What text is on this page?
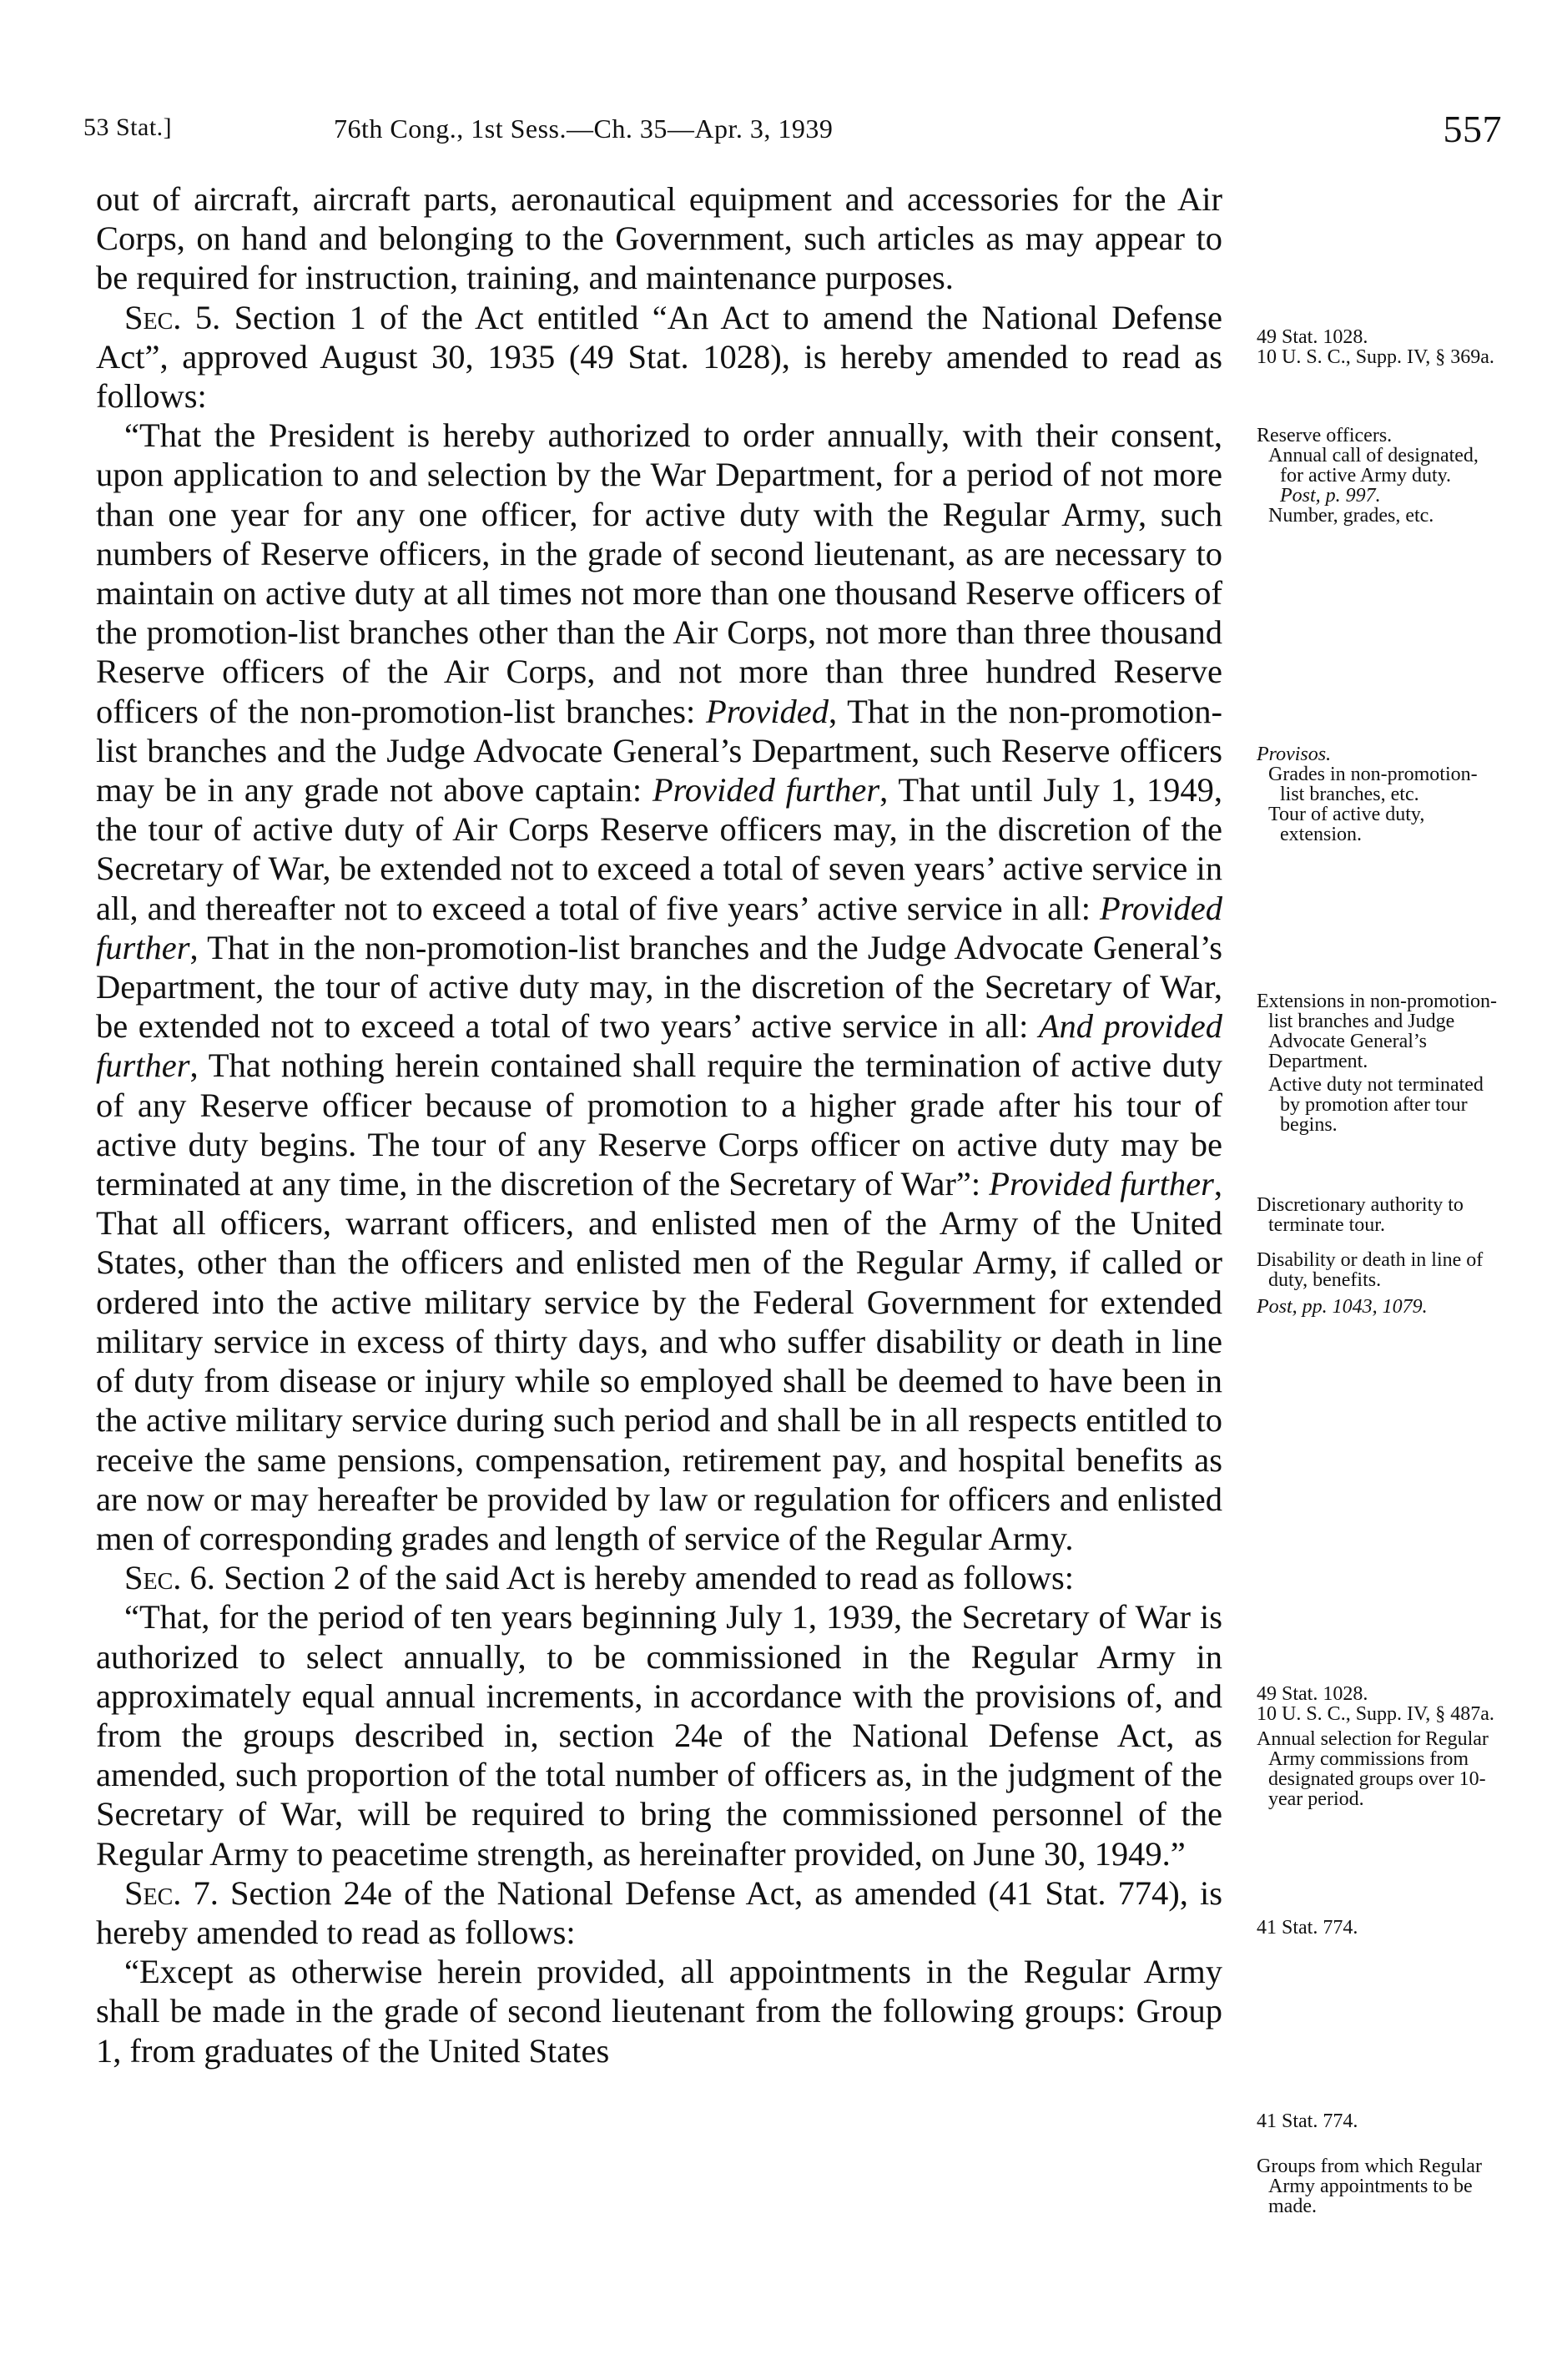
53 Stat.]	76th Cong., 1st Sess.—Ch. 35—Apr. 3, 1939	557

out of aircraft, aircraft parts, aeronautical equipment and accessories for the Air Corps, on hand and belonging to the Government, such articles as may appear to be required for instruction, training, and maintenance purposes.

Sec. 5. Section 1 of the Act entitled “An Act to amend the National Defense Act”, approved August 30, 1935 (49 Stat. 1028), is hereby amended to read as follows:

“That the President is hereby authorized to order annually, with their consent, upon application to and selection by the War Department, for a period of not more than one year for any one officer, for active duty with the Regular Army, such numbers of Reserve officers, in the grade of second lieutenant, as are necessary to maintain on active duty at all times not more than one thousand Reserve officers of the promotion-list branches other than the Air Corps, not more than three thousand Reserve officers of the Air Corps, and not more than three hundred Reserve officers of the non-promotion-list branches: Provided, That in the non-promotion-list branches and the Judge Advocate General’s Department, such Reserve officers may be in any grade not above captain: Provided further, That until July 1, 1949, the tour of active duty of Air Corps Reserve officers may, in the discretion of the Secretary of War, be extended not to exceed a total of seven years’ active service in all, and thereafter not to exceed a total of five years’ active service in all: Provided further, That in the non-promotion-list branches and the Judge Advocate General’s Department, the tour of active duty may, in the discretion of the Secretary of War, be extended not to exceed a total of two years’ active service in all: And provided further, That nothing herein contained shall require the termination of active duty of any Reserve officer because of promotion to a higher grade after his tour of active duty begins. The tour of any Reserve Corps officer on active duty may be terminated at any time, in the discretion of the Secretary of War”: Provided further, That all officers, warrant officers, and enlisted men of the Army of the United States, other than the officers and enlisted men of the Regular Army, if called or ordered into the active military service by the Federal Government for extended military service in excess of thirty days, and who suffer disability or death in line of duty from disease or injury while so employed shall be deemed to have been in the active military service during such period and shall be in all respects entitled to receive the same pensions, compensation, retirement pay, and hospital benefits as are now or may hereafter be provided by law or regulation for officers and enlisted men of corresponding grades and length of service of the Regular Army.

Sec. 6. Section 2 of the said Act is hereby amended to read as follows:

“That, for the period of ten years beginning July 1, 1939, the Secretary of War is authorized to select annually, to be commissioned in the Regular Army in approximately equal annual increments, in accordance with the provisions of, and from the groups described in, section 24e of the National Defense Act, as amended, such proportion of the total number of officers as, in the judgment of the Secretary of War, will be required to bring the commissioned personnel of the Regular Army to peacetime strength, as hereinafter provided, on June 30, 1949.”

Sec. 7. Section 24e of the National Defense Act, as amended (41 Stat. 774), is hereby amended to read as follows:

“Except as otherwise herein provided, all appointments in the Regular Army shall be made in the grade of second lieutenant from the following groups: Group 1, from graduates of the United States

49 Stat. 1028.
10 U. S. C., Supp. IV, § 369a.
Reserve officers.
Annual call of designated, for active Army duty.
Post, p. 997.
Number, grades, etc.
Provisos.
Grades in non-promotion-list branches, etc.
Tour of active duty, extension.
Extensions in non-promotion-list branches and Judge Advocate General’s Department.
Active duty not terminated by promotion after tour begins.
Discretionary authority to terminate tour.
Disability or death in line of duty, benefits.
Post, pp. 1043, 1079.
49 Stat. 1028.
10 U. S. C., Supp. IV, § 487a.
Annual selection for Regular Army commissions from designated groups over 10-year period.
41 Stat. 774.
41 Stat. 774.
Groups from which Regular Army appointments to be made.
